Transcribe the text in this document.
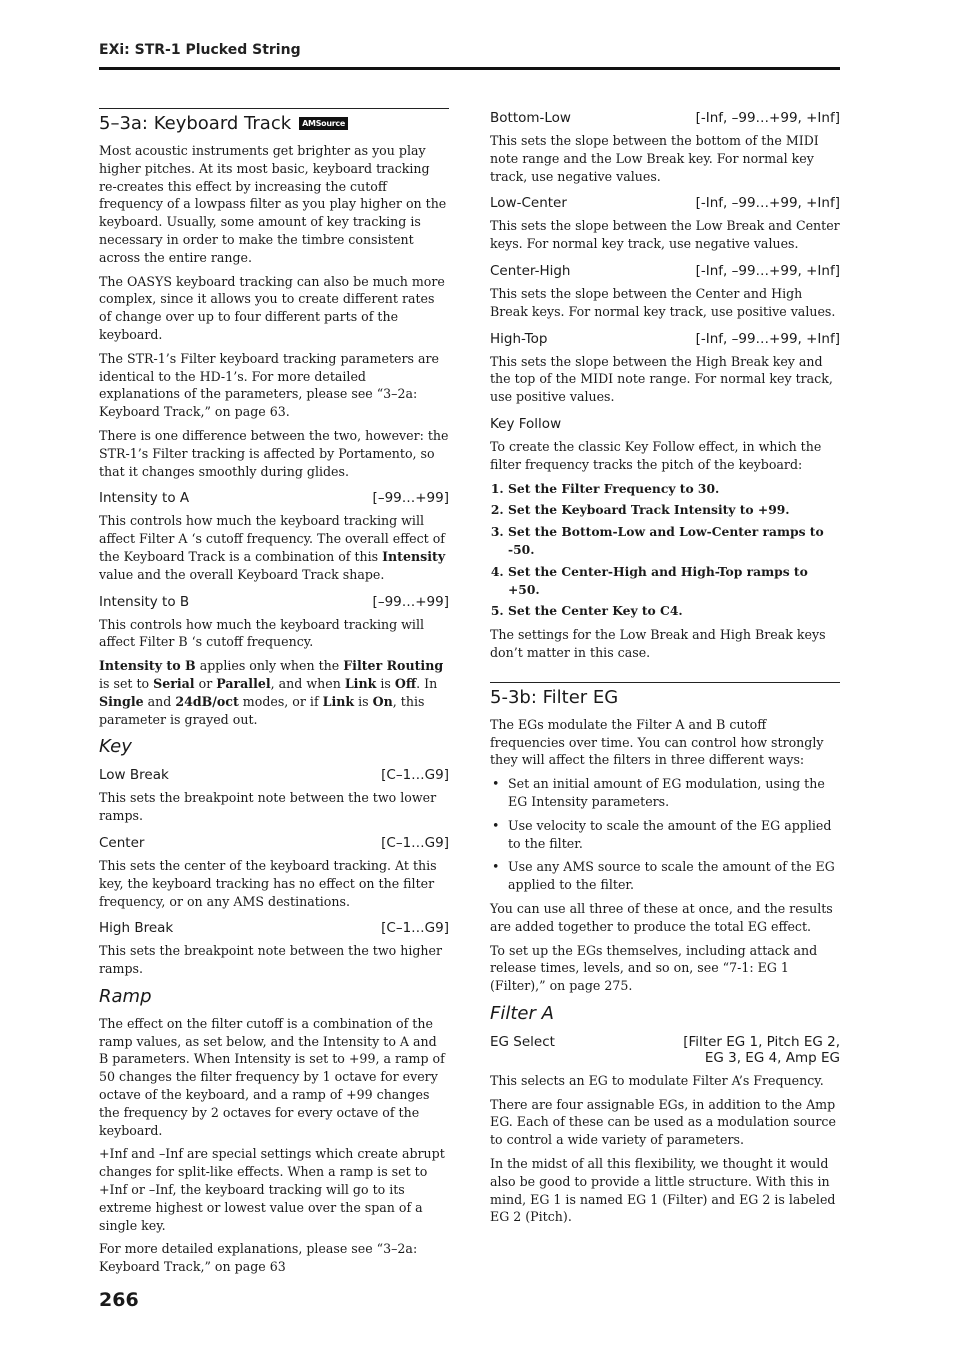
EXi: STR-1 Plucked String
5–3a: Keyboard Track	AMSource

Most acoustic instruments get brighter as you play higher pitches. At its most basic, keyboard tracking re-creates this effect by increasing the cutoff frequency of a lowpass filter as you play higher on the keyboard. Usually, some amount of key tracking is necessary in order to make the timbre consistent across the entire range.

The OASYS keyboard tracking can also be much more complex, since it allows you to create different rates of change over up to four different parts of the keyboard.

The STR-1’s Filter keyboard tracking parameters are identical to the HD-1’s. For more detailed explanations of the parameters, please see “3–2a: Keyboard Track,” on page 63.

There is one difference between the two, however: the STR-1’s Filter tracking is affected by Portamento, so that it changes smoothly during glides.

Intensity to A	[–99…+99]

This controls how much the keyboard tracking will affect Filter A ‘s cutoff frequency. The overall effect of the Keyboard Track is a combination of this Intensity value and the overall Keyboard Track shape.

Intensity to B	[–99…+99]

This controls how much the keyboard tracking will affect Filter B ‘s cutoff frequency.

Intensity to B applies only when the Filter Routing is set to Serial or Parallel, and when Link is Off. In Single and 24dB/oct modes, or if Link is On, this parameter is grayed out.

Key
Low Break	[C–1…G9]

This sets the breakpoint note between the two lower ramps.

Center	[C–1…G9]

This sets the center of the keyboard tracking. At this key, the keyboard tracking has no effect on the filter frequency, or on any AMS destinations.

High Break	[C–1…G9]

This sets the breakpoint note between the two higher ramps.

Ramp

The effect on the filter cutoff is a combination of the ramp values, as set below, and the Intensity to A and B parameters. When Intensity is set to +99, a ramp of 50 changes the filter frequency by 1 octave for every octave of the keyboard, and a ramp of +99 changes the frequency by 2 octaves for every octave of the keyboard.

+Inf and –Inf are special settings which create abrupt changes for split-like effects. When a ramp is set to +Inf or –Inf, the keyboard tracking will go to its extreme highest or lowest value over the span of a single key.

For more detailed explanations, please see “3–2a: Keyboard Track,” on page 63

Bottom-Low	[-Inf, –99…+99, +Inf]

This sets the slope between the bottom of the MIDI note range and the Low Break key. For normal key track, use negative values.

Low-Center	[-Inf, –99…+99, +Inf]

This sets the slope between the Low Break and Center keys. For normal key track, use negative values.

Center-High	[-Inf, –99…+99, +Inf]

This sets the slope between the Center and High Break keys. For normal key track, use positive values.

High-Top	[-Inf, –99…+99, +Inf]

This sets the slope between the High Break key and the top of the MIDI note range. For normal key track, use positive values.

Key Follow

To create the classic Key Follow effect, in which the filter frequency tracks the pitch of the keyboard:

1. Set the Filter Frequency to 30.
2. Set the Keyboard Track Intensity to +99.
3. Set the Bottom-Low and Low-Center ramps to -50.
4. Set the Center-High and High-Top ramps to +50.
5. Set the Center Key to C4.

The settings for the Low Break and High Break keys don’t matter in this case.

5-3b: Filter EG

The EGs modulate the Filter A and B cutoff frequencies over time. You can control how strongly they will affect the filters in three different ways:

• Set an initial amount of EG modulation, using the EG Intensity parameters.
• Use velocity to scale the amount of the EG applied to the filter.
• Use any AMS source to scale the amount of the EG applied to the filter.

You can use all three of these at once, and the results are added together to produce the total EG effect.

To set up the EGs themselves, including attack and release times, levels, and so on, see “7-1: EG 1 (Filter),” on page 275.

Filter A
EG Select	[Filter EG 1, Pitch EG 2,
EG 3, EG 4, Amp EG

This selects an EG to modulate Filter A’s Frequency.

There are four assignable EGs, in addition to the Amp EG. Each of these can be used as a modulation source to control a wide variety of parameters.

In the midst of all this flexibility, we thought it would also be good to provide a little structure. With this in mind, EG 1 is named EG 1 (Filter) and EG 2 is labeled EG 2 (Pitch).

266
